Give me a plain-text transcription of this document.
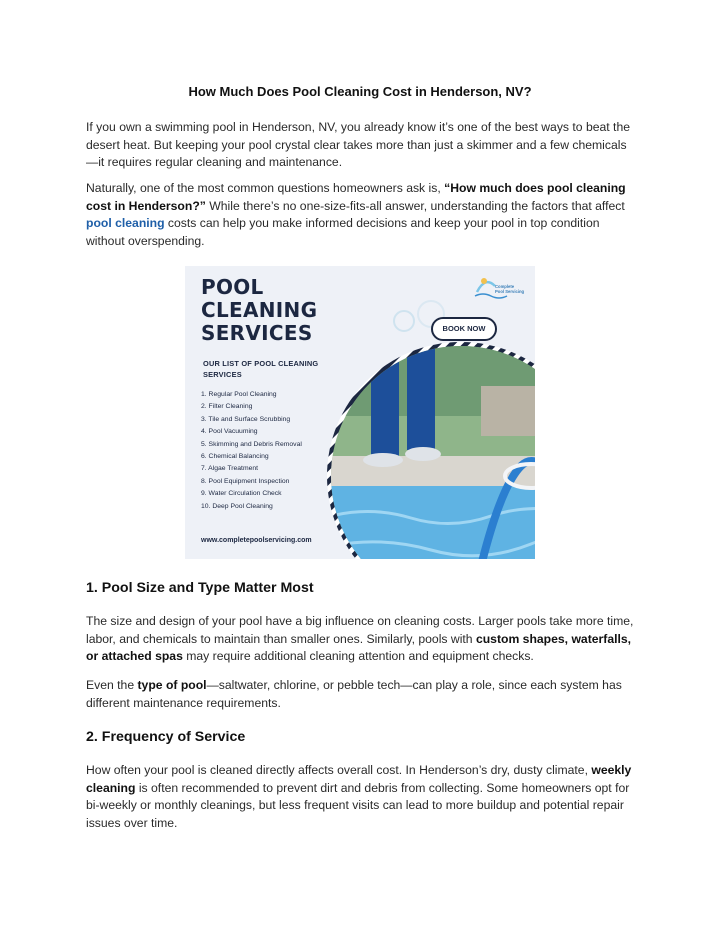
How Much Does Pool Cleaning Cost in Henderson, NV?

If you own a swimming pool in Henderson, NV, you already know it’s one of the best ways to beat the desert heat. But keeping your pool crystal clear takes more than just a skimmer and a few chemicals—it requires regular cleaning and maintenance.

Naturally, one of the most common questions homeowners ask is, “How much does pool cleaning cost in Henderson?” While there’s no one-size-fits-all answer, understanding the factors that affect pool cleaning costs can help you make informed decisions and keep your pool in top condition without overspending.

POOL
CLEANING
SERVICES
Complete
Pool Servicing
BOOK NOW
OUR LIST OF POOL CLEANING SERVICES
1. Regular Pool Cleaning
2. Filter Cleaning
3. Tile and Surface Scrubbing
4. Pool Vacuuming
5. Skimming and Debris Removal
6. Chemical Balancing
7. Algae Treatment
8. Pool Equipment Inspection
9. Water Circulation Check
10. Deep Pool Cleaning
www.completepoolservicing.com
1. Pool Size and Type Matter Most

The size and design of your pool have a big influence on cleaning costs. Larger pools take more time, labor, and chemicals to maintain than smaller ones. Similarly, pools with custom shapes, waterfalls, or attached spas may require additional cleaning attention and equipment checks.

Even the type of pool—saltwater, chlorine, or pebble tech—can play a role, since each system has different maintenance requirements.

2. Frequency of Service

How often your pool is cleaned directly affects overall cost. In Henderson’s dry, dusty climate, weekly cleaning is often recommended to prevent dirt and debris from collecting. Some homeowners opt for bi-weekly or monthly cleanings, but less frequent visits can lead to more buildup and potential repair issues over time.
